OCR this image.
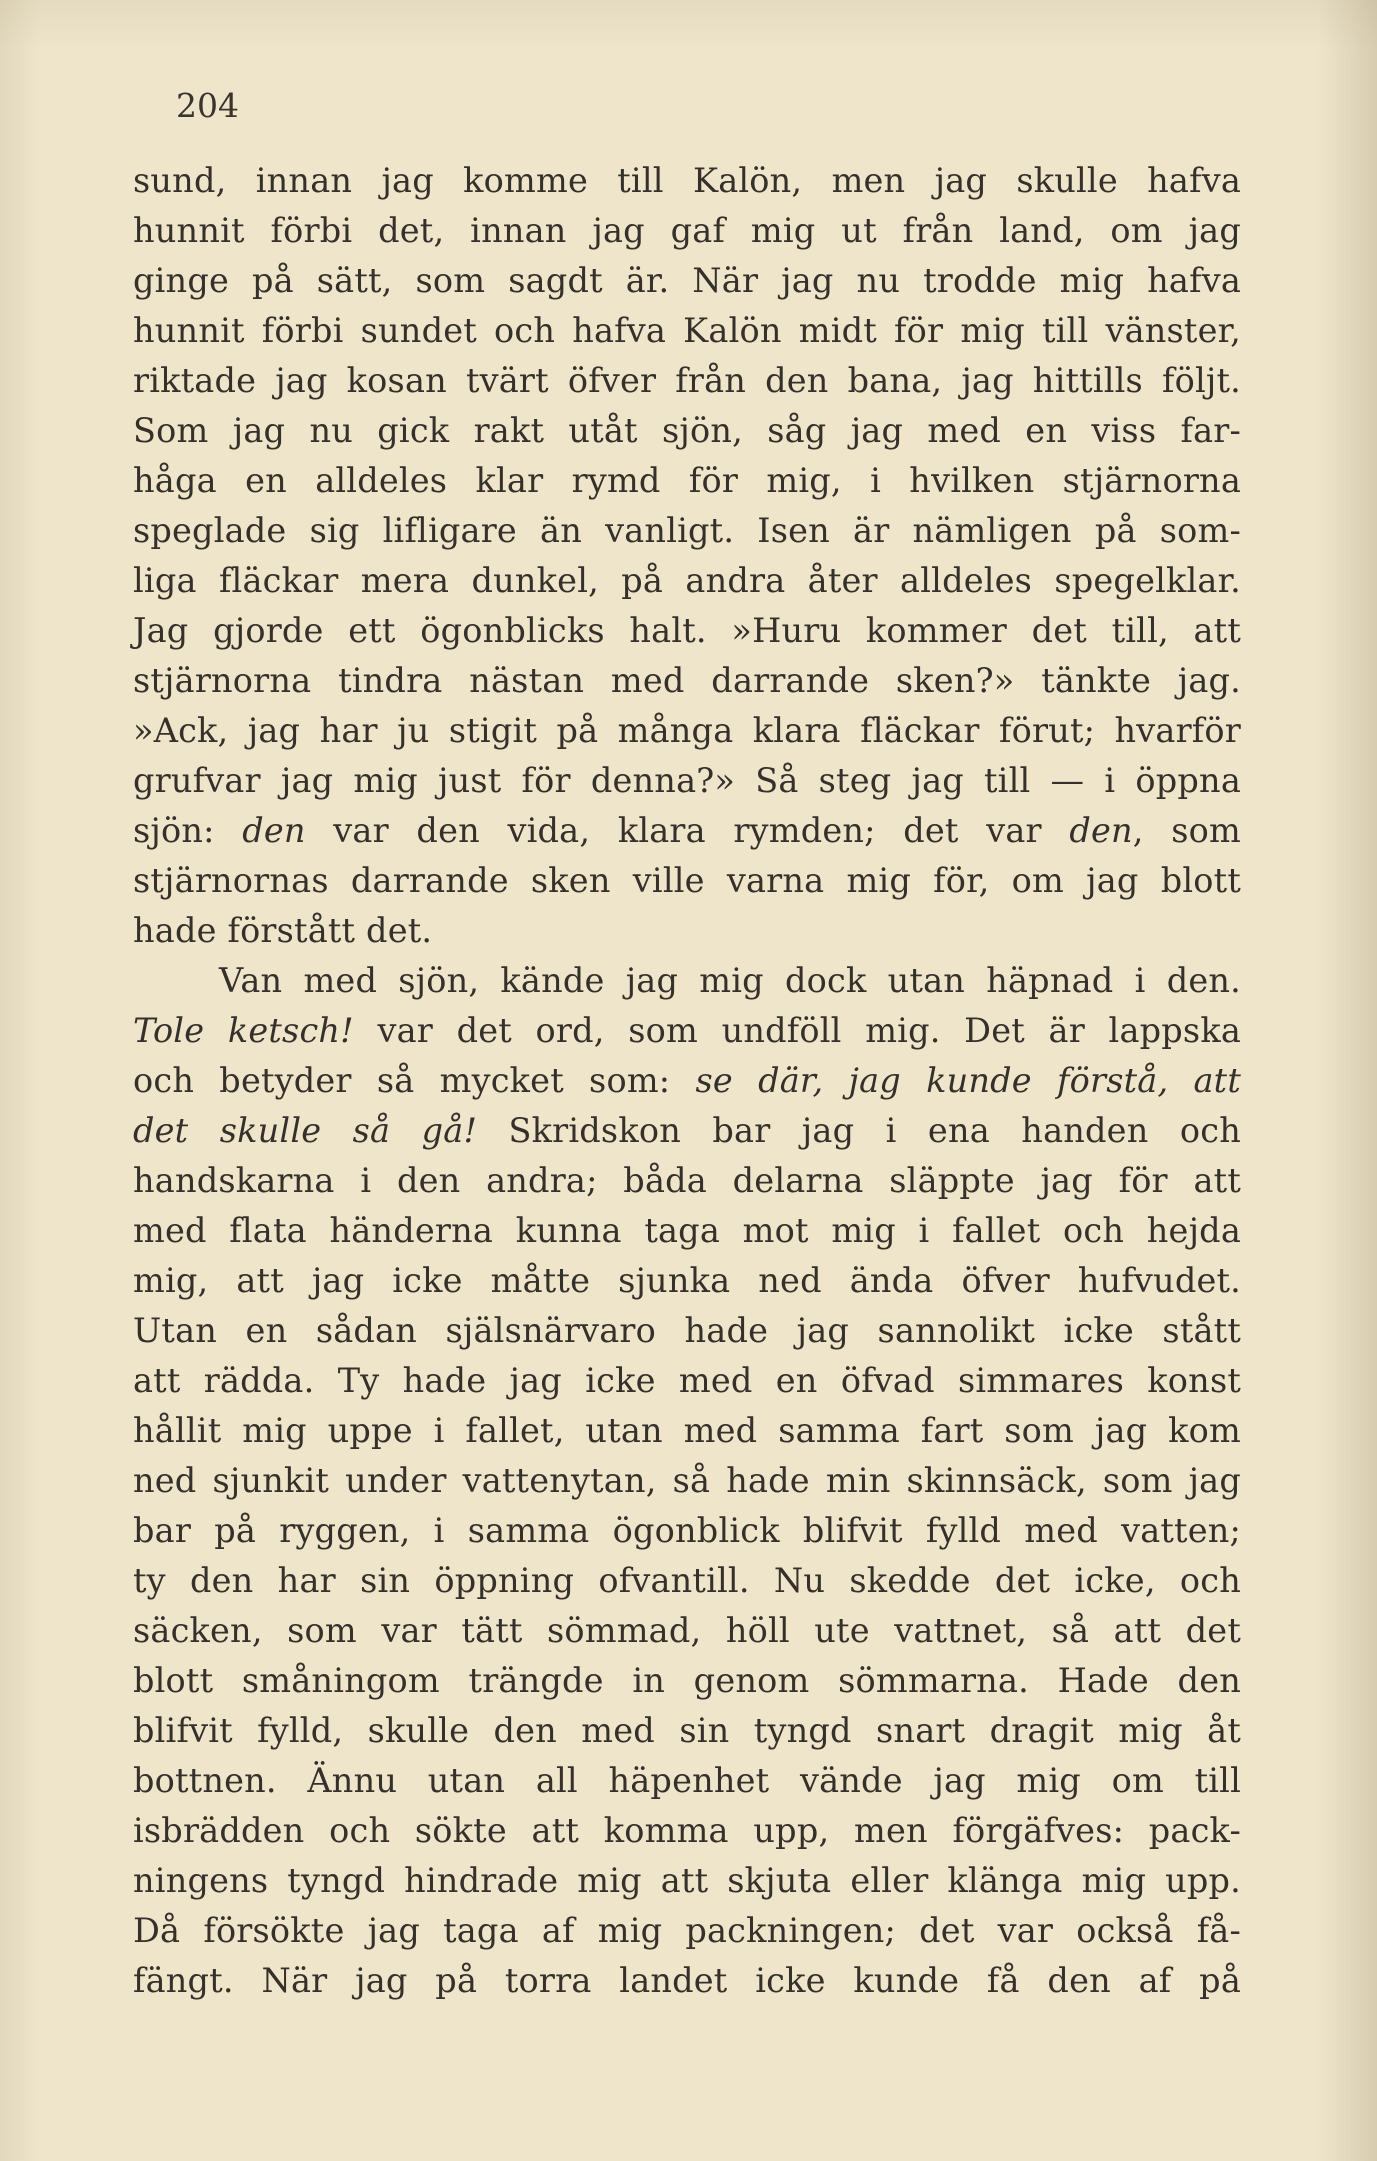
204
sund, innan jag komme till Kalön, men jag skulle hafva
hunnit förbi det, innan jag gaf mig ut från land, om jag
ginge på sätt, som sagdt är. När jag nu trodde mig hafva
hunnit förbi sundet och hafva Kalön midt för mig till vänster,
riktade jag kosan tvärt öfver från den bana, jag hittills följt.
Som jag nu gick rakt utåt sjön, såg jag med en viss far-
håga en alldeles klar rymd för mig, i hvilken stjärnorna
speglade sig lifligare än vanligt. Isen är nämligen på som-
liga fläckar mera dunkel, på andra åter alldeles spegelklar.
Jag gjorde ett ögonblicks halt. »Huru kommer det till, att
stjärnorna tindra nästan med darrande sken?» tänkte jag.
»Ack, jag har ju stigit på många klara fläckar förut; hvarför
grufvar jag mig just för denna?» Så steg jag till — i öppna
sjön: den var den vida, klara rymden; det var den, som
stjärnornas darrande sken ville varna mig för, om jag blott
hade förstått det.
Van med sjön, kände jag mig dock utan häpnad i den.
Tole ketsch! var det ord, som undföll mig. Det är lappska
och betyder så mycket som: se där, jag kunde förstå, att
det skulle så gå! Skridskon bar jag i ena handen och
handskarna i den andra; båda delarna släppte jag för att
med flata händerna kunna taga mot mig i fallet och hejda
mig, att jag icke måtte sjunka ned ända öfver hufvudet.
Utan en sådan själsnärvaro hade jag sannolikt icke stått
att rädda. Ty hade jag icke med en öfvad simmares konst
hållit mig uppe i fallet, utan med samma fart som jag kom
ned sjunkit under vattenytan, så hade min skinnsäck, som jag
bar på ryggen, i samma ögonblick blifvit fylld med vatten;
ty den har sin öppning ofvantill. Nu skedde det icke, och
säcken, som var tätt sömmad, höll ute vattnet, så att det
blott småningom trängde in genom sömmarna. Hade den
blifvit fylld, skulle den med sin tyngd snart dragit mig åt
bottnen. Ännu utan all häpenhet vände jag mig om till
isbrädden och sökte att komma upp, men förgäfves: pack-
ningens tyngd hindrade mig att skjuta eller klänga mig upp.
Då försökte jag taga af mig packningen; det var också få-
fängt. När jag på torra landet icke kunde få den af på
